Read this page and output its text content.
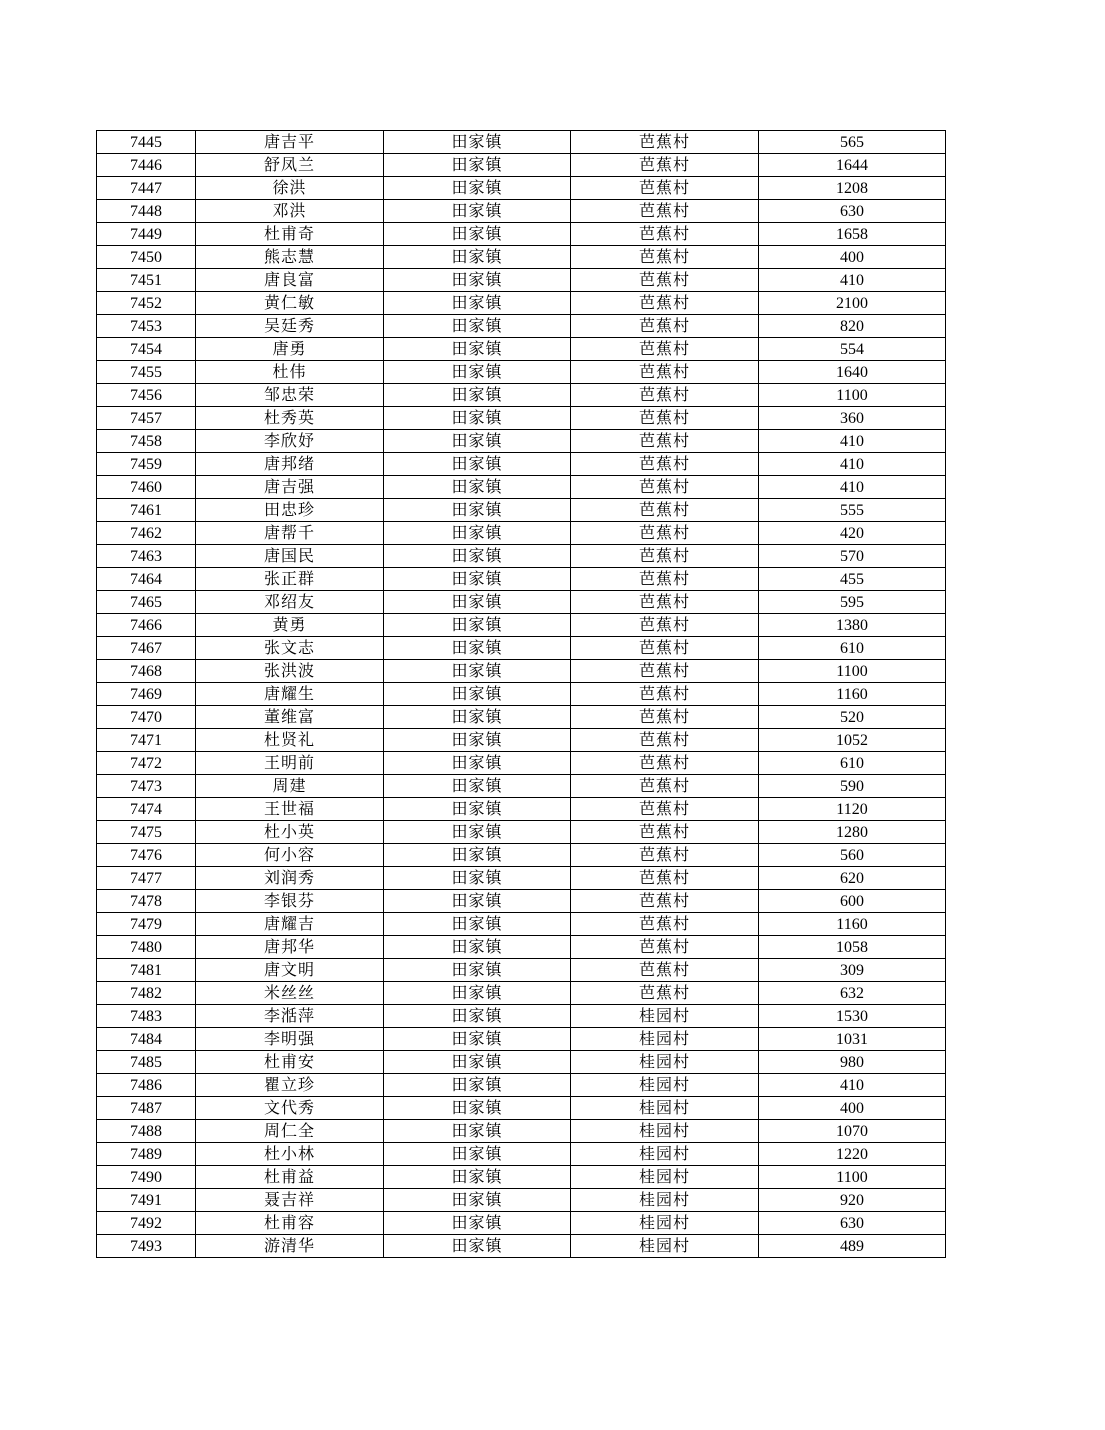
7445	唐吉平	田家镇	芭蕉村	565
7446	舒凤兰	田家镇	芭蕉村	1644
7447	徐洪	田家镇	芭蕉村	1208
7448	邓洪	田家镇	芭蕉村	630
7449	杜甫奇	田家镇	芭蕉村	1658
7450	熊志慧	田家镇	芭蕉村	400
7451	唐良富	田家镇	芭蕉村	410
7452	黄仁敏	田家镇	芭蕉村	2100
7453	吴廷秀	田家镇	芭蕉村	820
7454	唐勇	田家镇	芭蕉村	554
7455	杜伟	田家镇	芭蕉村	1640
7456	邹忠荣	田家镇	芭蕉村	1100
7457	杜秀英	田家镇	芭蕉村	360
7458	李欣妤	田家镇	芭蕉村	410
7459	唐邦绪	田家镇	芭蕉村	410
7460	唐吉强	田家镇	芭蕉村	410
7461	田忠珍	田家镇	芭蕉村	555
7462	唐帮千	田家镇	芭蕉村	420
7463	唐国民	田家镇	芭蕉村	570
7464	张正群	田家镇	芭蕉村	455
7465	邓绍友	田家镇	芭蕉村	595
7466	黄勇	田家镇	芭蕉村	1380
7467	张文志	田家镇	芭蕉村	610
7468	张洪波	田家镇	芭蕉村	1100
7469	唐耀生	田家镇	芭蕉村	1160
7470	董维富	田家镇	芭蕉村	520
7471	杜贤礼	田家镇	芭蕉村	1052
7472	王明前	田家镇	芭蕉村	610
7473	周建	田家镇	芭蕉村	590
7474	王世福	田家镇	芭蕉村	1120
7475	杜小英	田家镇	芭蕉村	1280
7476	何小容	田家镇	芭蕉村	560
7477	刘润秀	田家镇	芭蕉村	620
7478	李银芬	田家镇	芭蕉村	600
7479	唐耀吉	田家镇	芭蕉村	1160
7480	唐邦华	田家镇	芭蕉村	1058
7481	唐文明	田家镇	芭蕉村	309
7482	米丝丝	田家镇	芭蕉村	632
7483	李湉萍	田家镇	桂园村	1530
7484	李明强	田家镇	桂园村	1031
7485	杜甫安	田家镇	桂园村	980
7486	瞿立珍	田家镇	桂园村	410
7487	文代秀	田家镇	桂园村	400
7488	周仁全	田家镇	桂园村	1070
7489	杜小林	田家镇	桂园村	1220
7490	杜甫益	田家镇	桂园村	1100
7491	聂吉祥	田家镇	桂园村	920
7492	杜甫容	田家镇	桂园村	630
7493	游清华	田家镇	桂园村	489
